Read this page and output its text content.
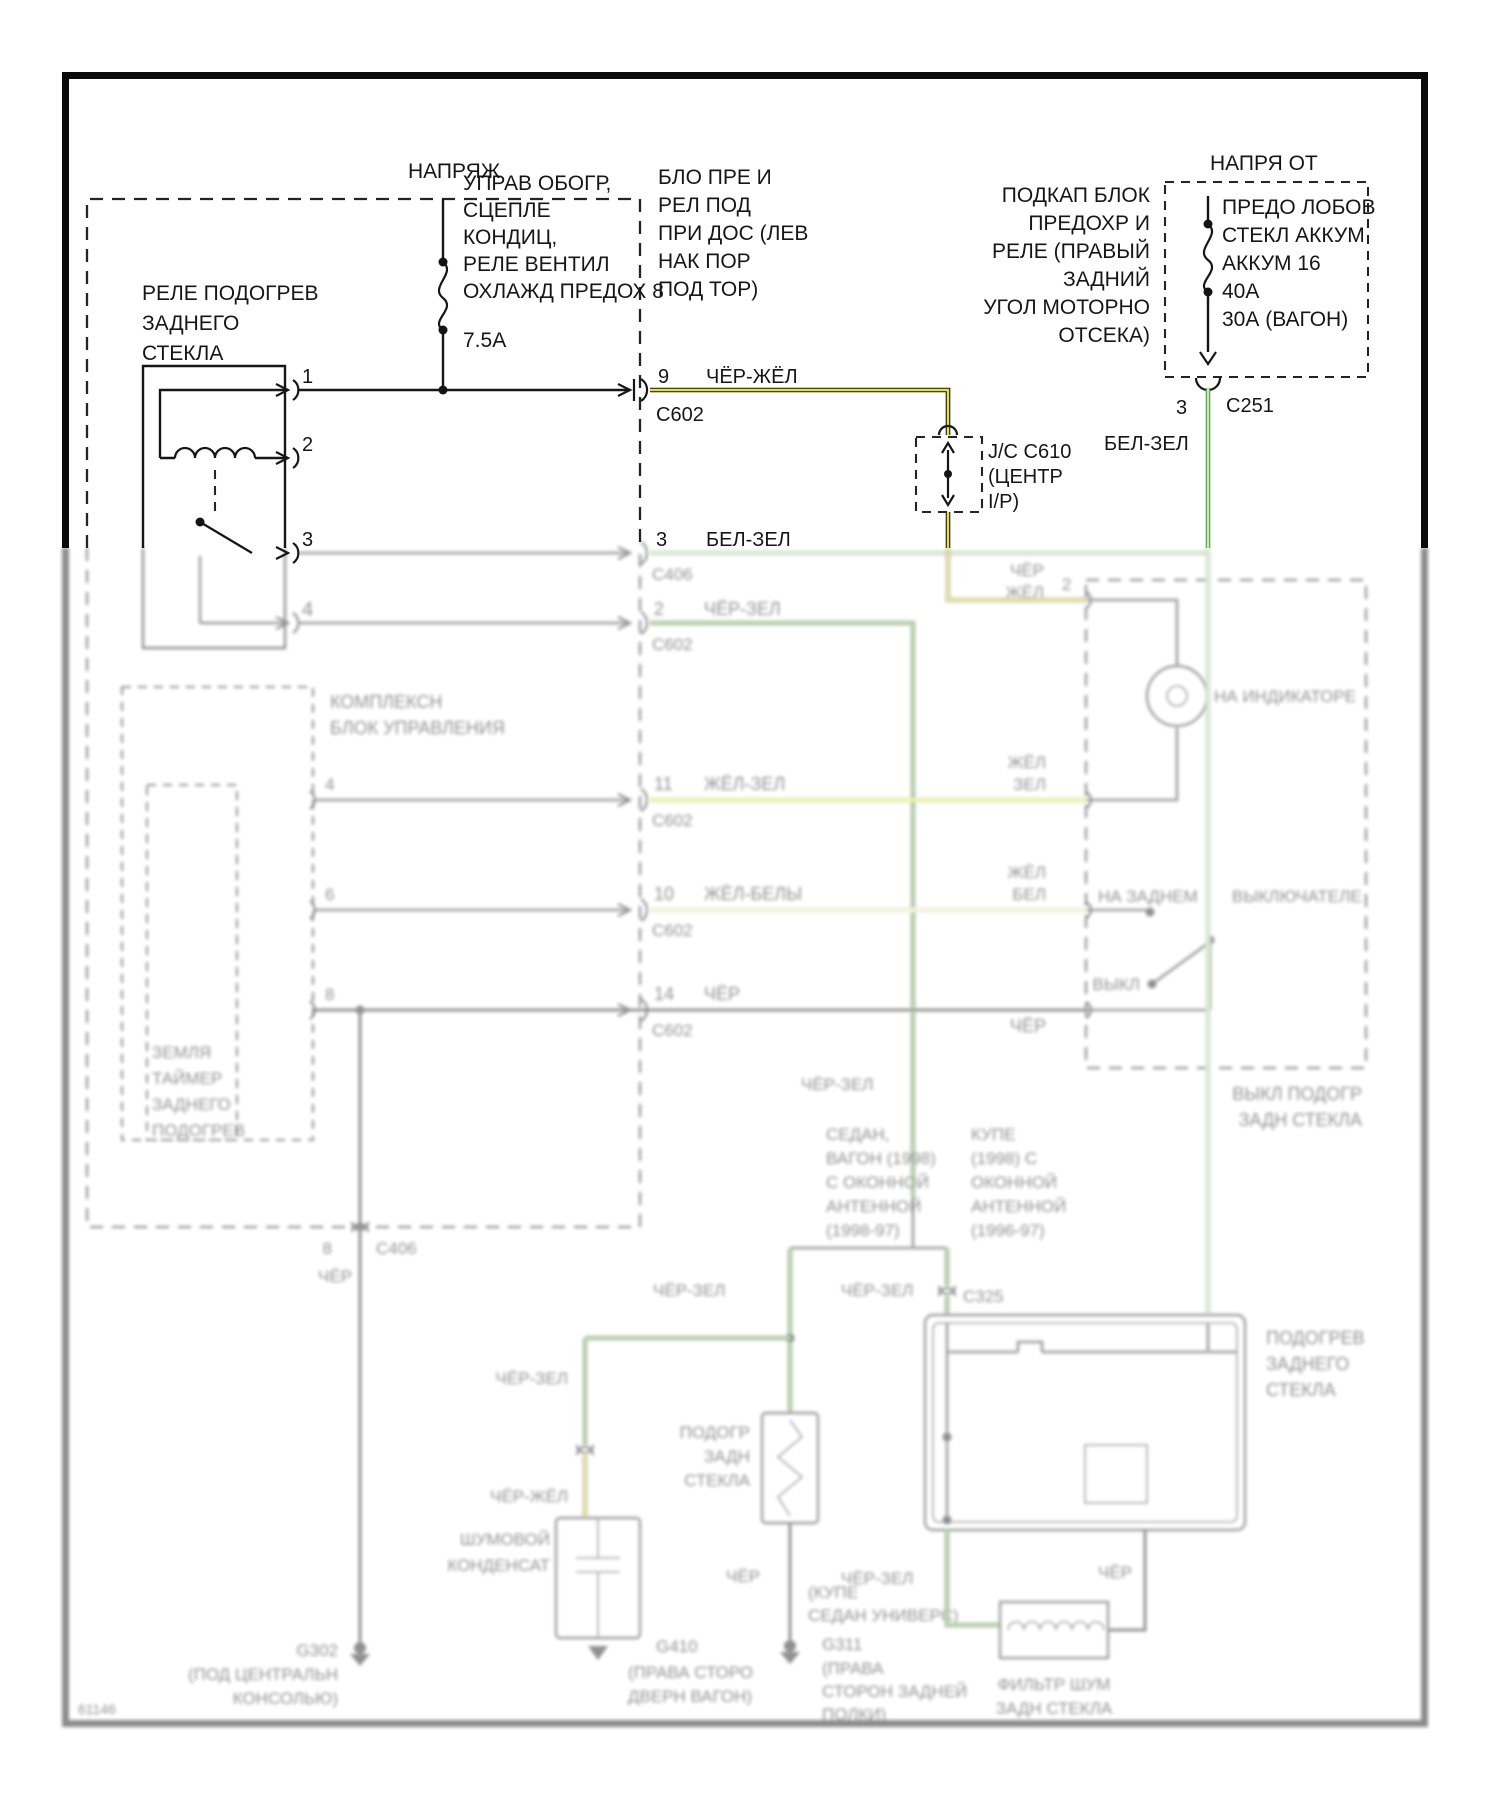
НАПРЯЖ
УПРАВ ОБОГР,
СЦЕПЛЕ
КОНДИЦ,
РЕЛЕ ВЕНТИЛ
ОХЛАЖД ПРЕДОХ 8
7.5А
БЛО ПРЕ И
РЕЛ ПОД
ПРИ ДОС (ЛЕВ
НАК ПОР
ПОД ТОР)
РЕЛЕ ПОДОГРЕВ
ЗАДНЕГО
СТЕКЛА
1
2
3
9 ЧЁР-ЖЁЛ
C602
J/C C610
(ЦЕНТР
I/P)
3 БЕЛ-ЗЕЛ
НАПРЯ ОТ
ПОДКАП БЛОК
ПРЕДОХР И
РЕЛЕ (ПРАВЫЙ
ЗАДНИЙ
УГОЛ МОТОРНО
ОТСЕКА)
ПРЕДО ЛОБОВ
СТЕКЛ АККУМ
АККУМ 16
40А
30А (ВАГОН)
3 C251
БЕЛ-ЗЕЛ
4
C406
2 ЧЁР-ЗЕЛ
C602
КОМПЛЕКСН
БЛОК УПРАВЛЕНИЯ
ЗЕМЛЯ
ТАЙМЕР
ЗАДНЕГО
ПОДОГРЕВ
4
6
8
11 ЖЁЛ-ЗЕЛ
C602
10 ЖЁЛ-БЕЛЫ
C602
14 ЧЁР
C602
ЧЁР
ЖЁЛ 2
НА ИНДИКАТОРЕ
ЖЁЛ
ЗЕЛ
ЖЁЛ
БЕЛ	НА ЗАДНЕМ ВЫКЛЮЧАТЕЛЕ
ВЫКЛ
ЧЁР
ВЫКЛ ПОДОГР
ЗАДН СТЕКЛА
8	C406
ЧЁР
G302
(ПОД ЦЕНТРАЛЬН
КОНСОЛЬЮ)
ЧЁР-ЗЕЛ
СЕДАН,
ВАГОН (1998)
С ОКОННОЙ
АНТЕННОЙ
(1998-97)
КУПЕ
(1998) С
ОКОННОЙ
АНТЕННОЙ
(1996-97)
ЧЁР-ЗЕЛ	ЧЁР-ЗЕЛ	C325
ЧЁР-ЗЕЛ
ЧЁР-ЖЁЛ
ПОДОГР
ЗАДН
СТЕКЛА
ЧЁР
(КУПЕ
СЕДАН УНИВЕРС)
G311
(ПРАВА
СТОРОН ЗАДНЕЙ
ПОЛКИ)
ШУМОВОЙ
КОНДЕНСАТ
G410
(ПРАВА СТОРО
ДВЕРН ВАГОН)
ПОДОГРЕВ
ЗАДНЕГО
СТЕКЛА
ЧЁР-ЗЕЛ	ЧЁР
ФИЛЬТР ШУМ
ЗАДН СТЕКЛА
61146
